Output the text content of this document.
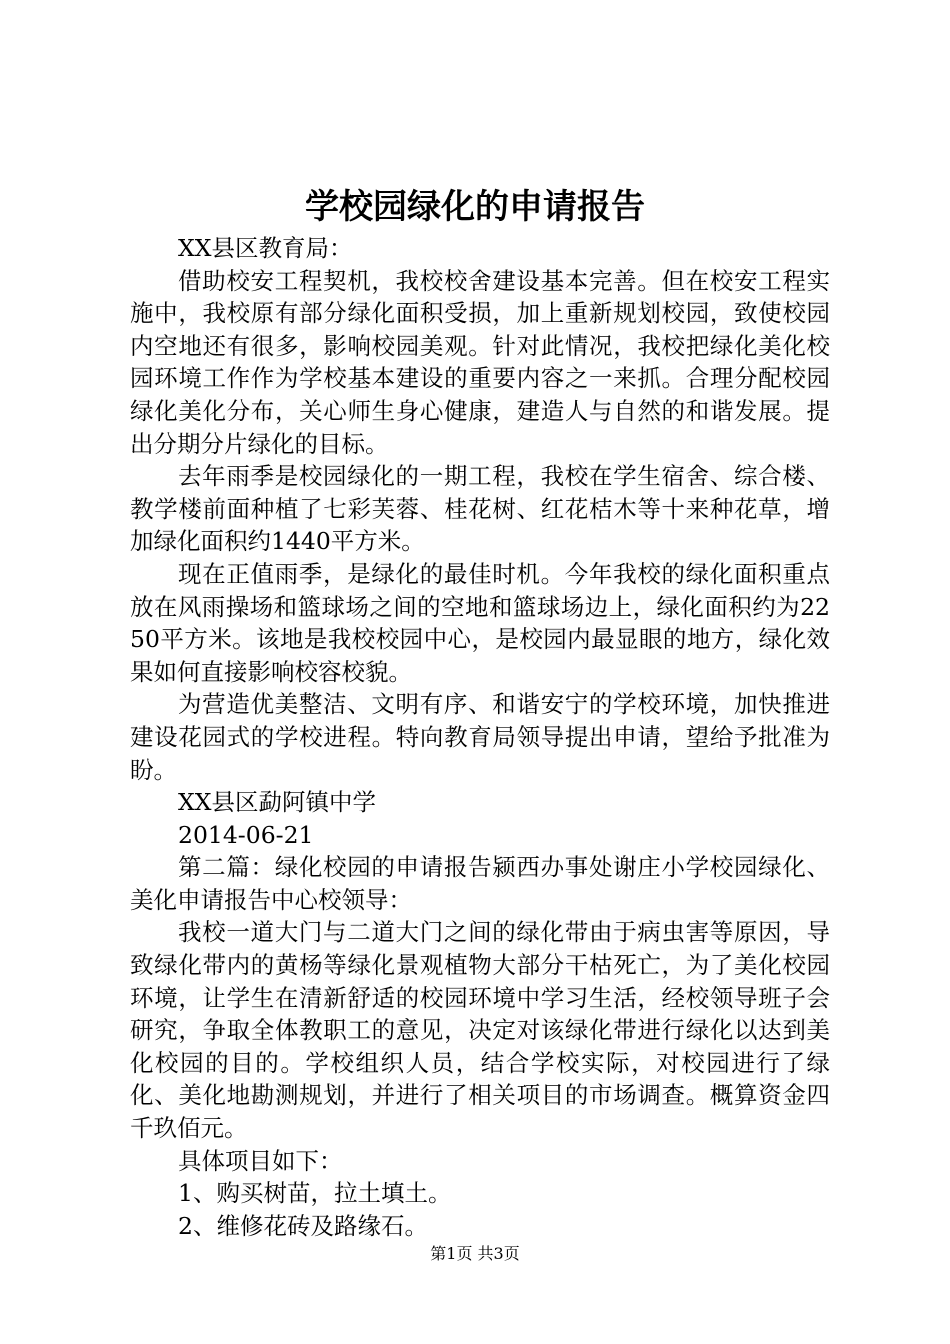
学校园绿化的申请报告

XX县区教育局：

借助校安工程契机，我校校舍建设基本完善。但在校安工程实施中，我校原有部分绿化面积受损，加上重新规划校园，致使校园内空地还有很多，影响校园美观。针对此情况，我校把绿化美化校园环境工作作为学校基本建设的重要内容之一来抓。合理分配校园绿化美化分布，关心师生身心健康，建造人与自然的和谐发展。提出分期分片绿化的目标。

去年雨季是校园绿化的一期工程，我校在学生宿舍、综合楼、教学楼前面种植了七彩芙蓉、桂花树、红花桔木等十来种花草，增加绿化面积约1440平方米。

现在正值雨季，是绿化的最佳时机。今年我校的绿化面积重点放在风雨操场和篮球场之间的空地和篮球场边上，绿化面积约为2250平方米。该地是我校校园中心，是校园内最显眼的地方，绿化效果如何直接影响校容校貌。

为营造优美整洁、文明有序、和谐安宁的学校环境，加快推进建设花园式的学校进程。特向教育局领导提出申请，望给予批准为盼。

XX县区勐阿镇中学

2014-06-21

第二篇：绿化校园的申请报告颍西办事处谢庄小学校园绿化、美化申请报告中心校领导：

我校一道大门与二道大门之间的绿化带由于病虫害等原因，导致绿化带内的黄杨等绿化景观植物大部分干枯死亡，为了美化校园环境，让学生在清新舒适的校园环境中学习生活，经校领导班子会研究，争取全体教职工的意见，决定对该绿化带进行绿化以达到美化校园的目的。学校组织人员，结合学校实际，对校园进行了绿化、美化地勘测规划，并进行了相关项目的市场调查。概算资金四千玖佰元。

具体项目如下：

1、购买树苗，拉土填土。

2、维修花砖及路缘石。

第1页 共3页
